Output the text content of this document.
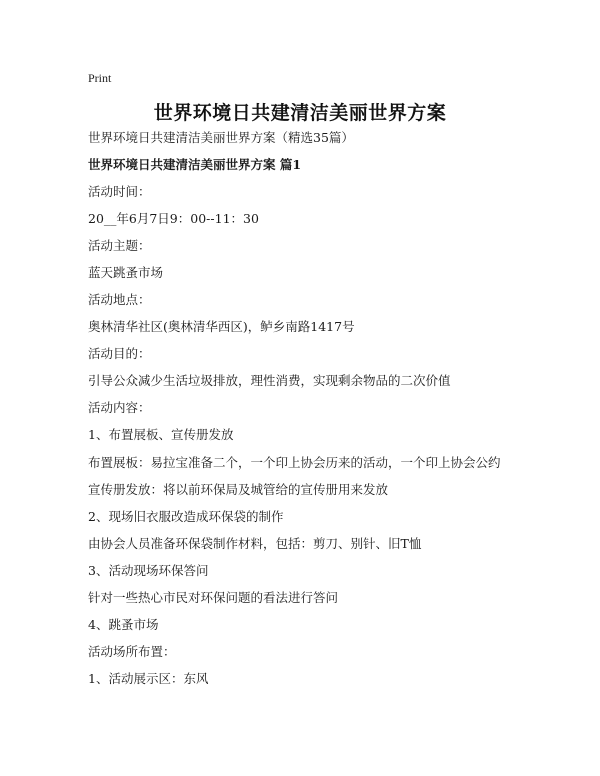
Print
世界环境日共建清洁美丽世界方案
世界环境日共建清洁美丽世界方案（精选35篇）
世界环境日共建清洁美丽世界方案 篇1
活动时间：
20__年6月7日9：00--11：30
活动主题：
蓝天跳蚤市场
活动地点：
奥林清华社区(奥林清华西区)，鲈乡南路1417号
活动目的：
引导公众减少生活垃圾排放，理性消费，实现剩余物品的二次价值
活动内容：
1、布置展板、宣传册发放
布置展板：易拉宝准备二个，一个印上协会历来的活动，一个印上协会公约
宣传册发放：将以前环保局及城管给的宣传册用来发放
2、现场旧衣服改造成环保袋的制作
由协会人员准备环保袋制作材料，包括：剪刀、别针、旧T恤
3、活动现场环保答问
针对一些热心市民对环保问题的看法进行答问
4、跳蚤市场
活动场所布置：
1、活动展示区：东风
